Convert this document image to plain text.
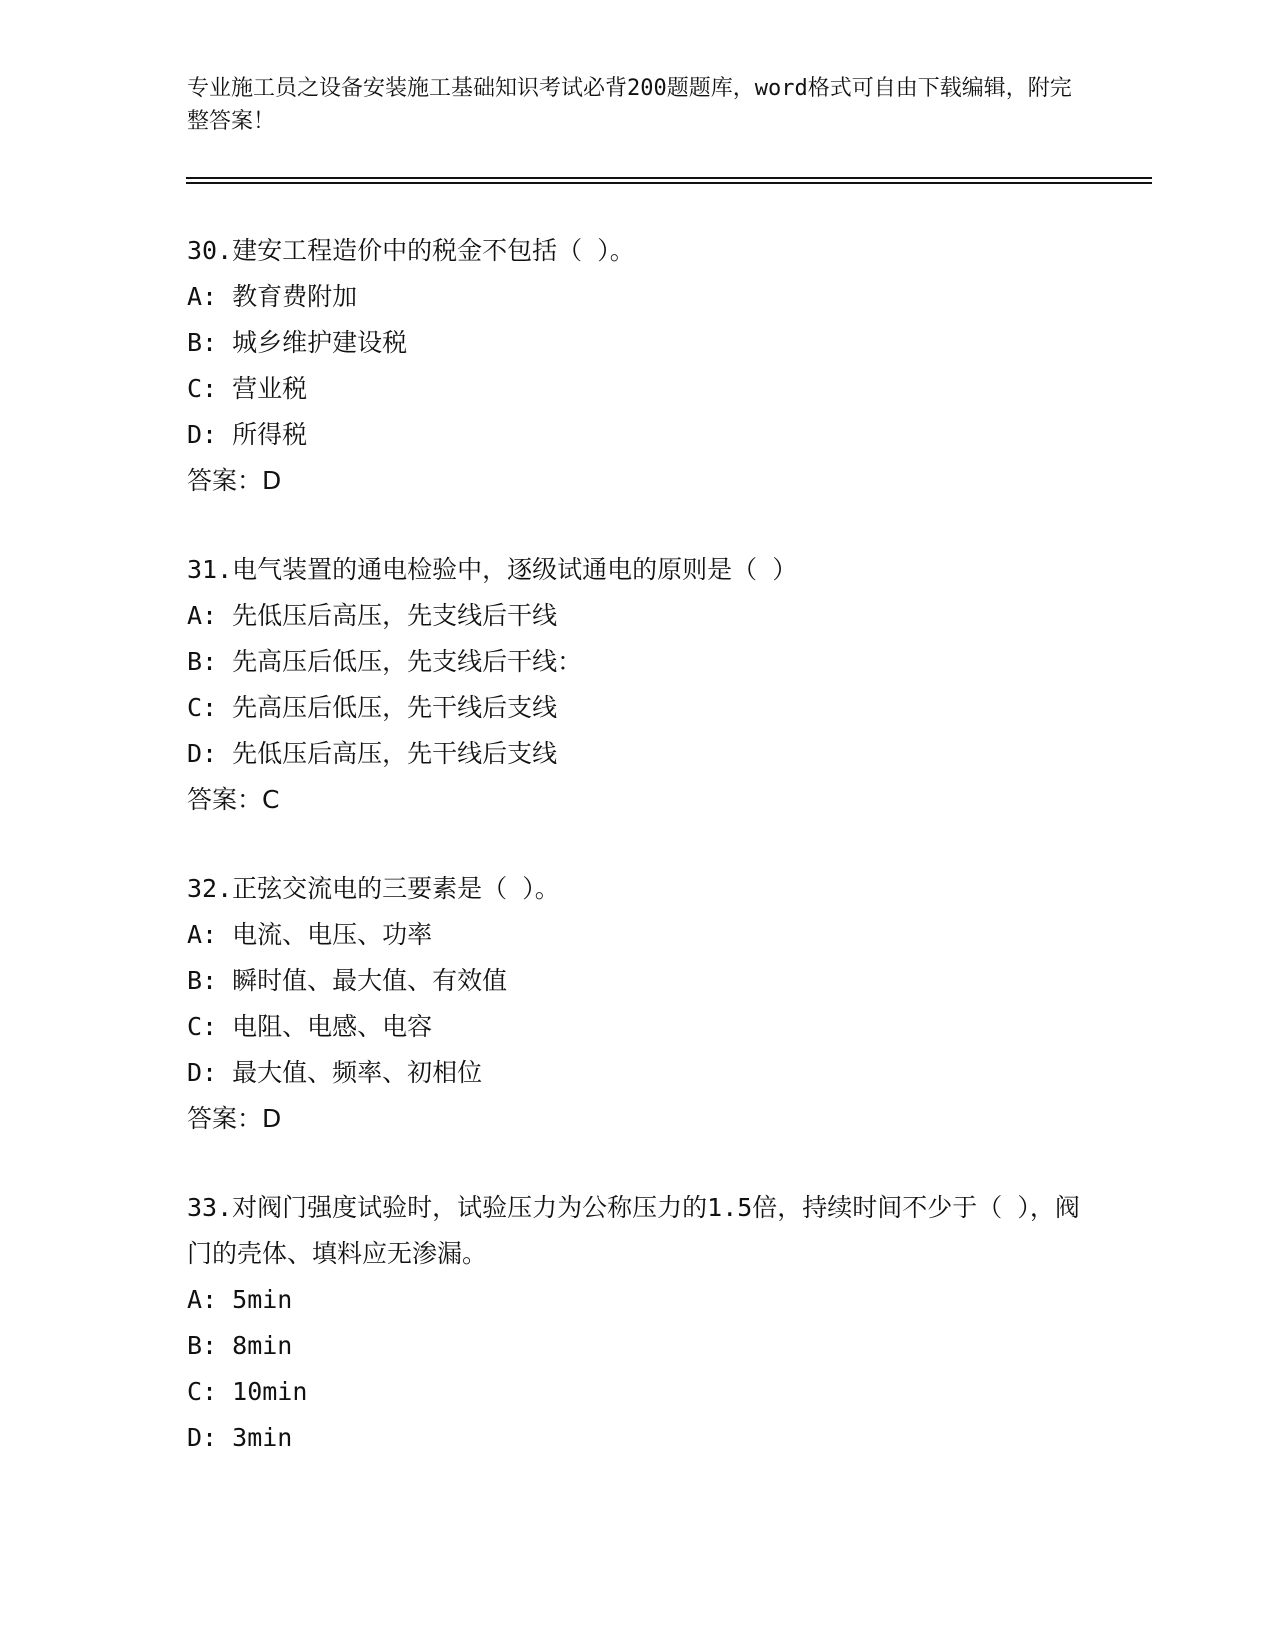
专业施工员之设备安装施工基础知识考试必背200题题库，word格式可自由下载编辑，附完整答案！
30.建安工程造价中的税金不包括（ ）。
A: 教育费附加
B: 城乡维护建设税
C: 营业税
D: 所得税
答案：D
31.电气装置的通电检验中，逐级试通电的原则是（ ）
A: 先低压后高压，先支线后干线
B: 先高压后低压，先支线后干线：
C: 先高压后低压，先干线后支线
D: 先低压后高压，先干线后支线
答案：C
32.正弦交流电的三要素是（ ）。
A: 电流、电压、功率
B: 瞬时值、最大值、有效值
C: 电阻、电感、电容
D: 最大值、频率、初相位
答案：D
33.对阀门强度试验时，试验压力为公称压力的1.5倍，持续时间不少于（ ），阀门的壳体、填料应无渗漏。
A: 5min
B: 8min
C: 10min
D: 3min
